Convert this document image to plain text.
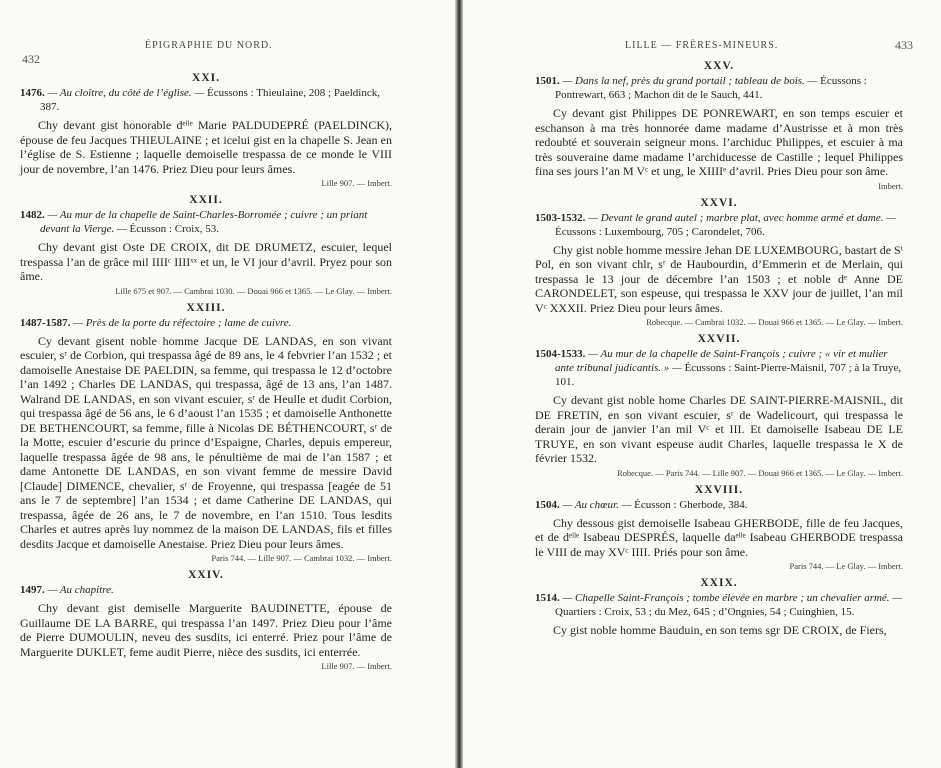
432
ÉPIGRAPHIE DU NORD.
XXI.
1476. — Au cloître, du côté de l’église. — Écussons : Thieulaine, 208 ; Paeldinck, 387.

Chy devant gist honorable dᵉˡˡᵉ Marie PALDUDEPRÉ (PAELDINCK), épouse de feu Jacques THIEULAINE ; et icelui gist en la chapelle S. Jean en l’église de S. Estienne ; laquelle demoiselle trespassa de ce monde le VIII jour de novembre, l’an 1476. Priez Dieu pour leurs âmes.

Lille 907. — Imbert.
XXII.
1482. — Au mur de la chapelle de Saint-Charles-Borromée ; cuivre ; un priant devant la Vierge. — Écusson : Croix, 53.

Chy devant gist Oste DE CROIX, dit DE DRUMETZ, escuier, lequel trespassa l’an de grâce mil IIIIᶜ IIIIˣˣ et un, le VI jour d’avril. Pryez pour son âme.

Lille 675 et 907. — Cambrai 1030. — Douai 966 et 1365. — Le Glay. — Imbert.
XXIII.
1487-1587. — Près de la porte du réfectoire ; lame de cuivre.

Cy devant gisent noble homme Jacque DE LANDAS, en son vivant escuier, sʳ de Corbion, qui trespassa âgé de 89 ans, le 4 febvrier l’an 1532 ; et damoiselle Anestaise DE PAELDIN, sa femme, qui trespassa le 12 d’octobre l’an 1492 ; Charles DE LANDAS, qui trespassa, âgé de 13 ans, l’an 1487. Walrand DE LANDAS, en son vivant escuier, sʳ de Heulle et dudit Corbion, qui trespassa âgé de 56 ans, le 6 d’aoust l’an 1535 ; et damoiselle Anthonette DE BETHENCOURT, sa femme, fille à Nicolas DE BÉTHENCOURT, sʳ de la Motte, escuier d’escurie du prince d’Espaigne, Charles, depuis empereur, laquelle trespassa âgée de 98 ans, le pénultième de mai de l’an 1587 ; et dame Antonette DE LANDAS, en son vivant femme de messire David [Claude] DIMENCE, chevalier, sʳ de Froyenne, qui trespassa [eagée de 51 ans le 7 de septembre] l’an 1534 ; et dame Catherine DE LANDAS, qui trespassa, âgée de 26 ans, le 7 de novembre, en l’an 1510. Tous lesdits Charles et autres après luy nommez de la maison DE LANDAS, fils et filles desdits Jacque et damoiselle Anestaise. Priez Dieu pour leurs âmes.

Paris 744. — Lille 907. — Cambrai 1032. — Imbert.
XXIV.
1497. — Au chapitre.

Chy devant gist demiselle Marguerite BAUDINETTE, épouse de Guillaume DE LA BARRE, qui trespassa l’an 1497. Priez Dieu pour l’âme de Pierre DUMOULIN, neveu des susdits, ici enterré. Priez pour l’âme de Marguerite DUKLET, feme audit Pierre, nièce des susdits, ici enterrée.

Lille 907. — Imbert.
LILLE — FRÈRES-MINEURS.	433
XXV.
1501. — Dans la nef, près du grand portail ; tableau de bois. — Écussons : Pontrewart, 663 ; Machon dit de le Sauch, 441.

Cy devant gist Philippes DE PONREWART, en son temps escuier et eschanson à ma très honnorée dame madame d’Austrisse et à mon très redoubté et souverain seigneur mons. l’archiduc Philippes, et escuier à ma très souveraine dame madame l’archiducesse de Castille ; lequel Philippes fina ses jours l’an M Vᶜ et ung, le XIIIIᵉ d’avril. Pries Dieu pour son âme.

Imbert.
XXVI.
1503-1532. — Devant le grand autel ; marbre plat, avec homme armé et dame. — Écussons : Luxembourg, 705 ; Carondelet, 706.

Chy gist noble homme messire Jehan DE LUXEMBOURG, bastart de Sᵗ Pol, en son vivant chlr, sʳ de Haubourdin, d’Emmerin et de Merlain, qui trespassa le 13 jour de décembre l’an 1503 ; et noble dᵉ Anne DE CARONDELET, son espeuse, qui trespassa le XXV jour de juillet, l’an mil Vᶜ XXXII. Priez Dieu pour leurs âmes.

Robecque. — Cambrai 1032. — Douai 966 et 1365. — Le Glay. — Imbert.
XXVII.
1504-1533. — Au mur de la chapelle de Saint-François ; cuivre ; « vir et mulier ante tribunal judicantis. » — Écussons : Saint-Pierre-Maisnil, 707 ; à la Truye, 101.

Cy devant gist noble home Charles DE SAINT-PIERRE-MAISNIL, dit DE FRETIN, en son vivant escuier, sʳ de Wadelicourt, qui trespassa le derain jour de janvier l’an mil Vᶜ et III. Et damoiselle Isabeau DE LE TRUYE, en son vivant espeuse audit Charles, laquelle trespassa le X de février 1532.

Robecque. — Paris 744. — Lille 907. — Douai 966 et 1365. — Le Glay. — Imbert.
XXVIII.
1504. — Au chœur. — Écusson : Gherbode, 384.

Chy dessous gist demoiselle Isabeau GHERBODE, fille de feu Jacques, et de dᵉˡˡᵉ Isabeau DESPRÉS, laquelle daᵉˡˡᵉ Isabeau GHERBODE trespassa le VIII de may XVᶜ IIII. Priés pour son âme.

Paris 744. — Le Glay. — Imbert.
XXIX.
1514. — Chapelle Saint-François ; tombe élevée en marbre ; un chevalier armé. — Quartiers : Croix, 53 ; du Mez, 645 ; d’Ongnies, 54 ; Cuinghien, 15.

Cy gist noble homme Bauduin, en son tems sgr DE CROIX, de Fiers,
